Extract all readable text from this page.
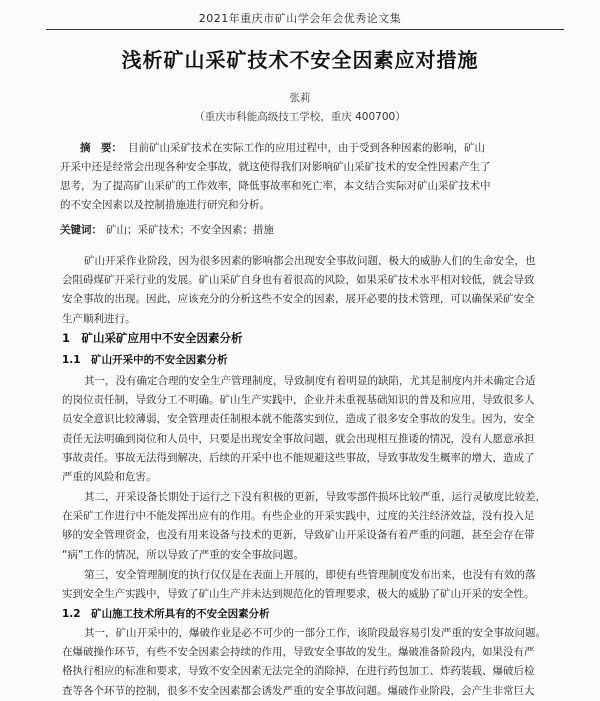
2021年重庆市矿山学会年会优秀论文集
浅析矿山采矿技术不安全因素应对措施
张莉
（重庆市科能高级技工学校，重庆 400700）
摘　要： 目前矿山采矿技术在实际工作的应用过程中，由于受到各种因素的影响，矿山
开采中还是经常会出现各种安全事故，就这使得我们对影响矿山采矿技术的安全性因素产生了
思考，为了提高矿山采矿的工作效率，降低事故率和死亡率，本文结合实际对矿山采矿技术中
的不安全因素以及控制措施进行研究和分析。
关键词： 矿山；采矿技术；不安全因素；措施
矿山开采作业阶段，因为很多因素的影响都会出现安全事故问题，极大的威胁人们的生命安全，也
会阻碍煤矿开采行业的发展。矿山采矿自身也有着很高的风险，如果采矿技术水平相对较低，就会导致
安全事故的出现。因此，应该充分的分析这些不安全的因素，展开必要的技术管理，可以确保采矿安全
生产顺利进行。
1　矿山采矿应用中不安全因素分析
1.1　矿山开采中的不安全因素分析
其一，没有确定合理的安全生产管理制度，导致制度有着明显的缺陷，尤其是制度内并未确定合适
的岗位责任制，导致分工不明确。矿山生产实践中，企业并未重视基础知识的普及和应用，导致很多人
员安全意识比较薄弱，安全管理责任制根本就不能落实到位，造成了很多安全事故的发生。因为，安全
责任无法明确到岗位和人员中，只要是出现安全事故问题，就会出现相互推诿的情况，没有人愿意承担
事故责任。事故无法得到解决，后续的开采中也不能规避这些事故，导致事故发生概率的增大，造成了
严重的风险和危害。
其二，开采设备长期处于运行之下没有积极的更新，导致零部件损坏比较严重，运行灵敏度比较差，
在采矿工作进行中不能发挥出应有的作用。有些企业的开采实践中，过度的关注经济效益，没有投入足
够的安全管理资金，也没有用来设备与技术的更新，导致矿山开采设备有着严重的问题，甚至会存在带
“病”工作的情况，所以导致了严重的安全事故问题。
第三，安全管理制度的执行仅仅是在表面上开展的，即使有些管理制度发布出来，也没有有效的落
实到安全生产实践中，导致了矿山生产并未达到规范化的管理要求，极大的威胁了矿山开采的安全性。
1.2　矿山施工技术所具有的不安全因素分析
其一，矿山开采中的，爆破作业是必不可少的一部分工作，该阶段最容易引发严重的安全事故问题。
在爆破操作环节，有些不安全因素会持续的作用，导致安全事故的发生。爆破准备阶段内，如果没有严
格执行相应的标准和要求，导致不安全因素无法完全的消除掉，在进行药包加工、炸药装载、爆破后检
查等各个环节的控制，很多不安全因素都会诱发严重的安全事故问题。爆破作业阶段，会产生非常巨大
